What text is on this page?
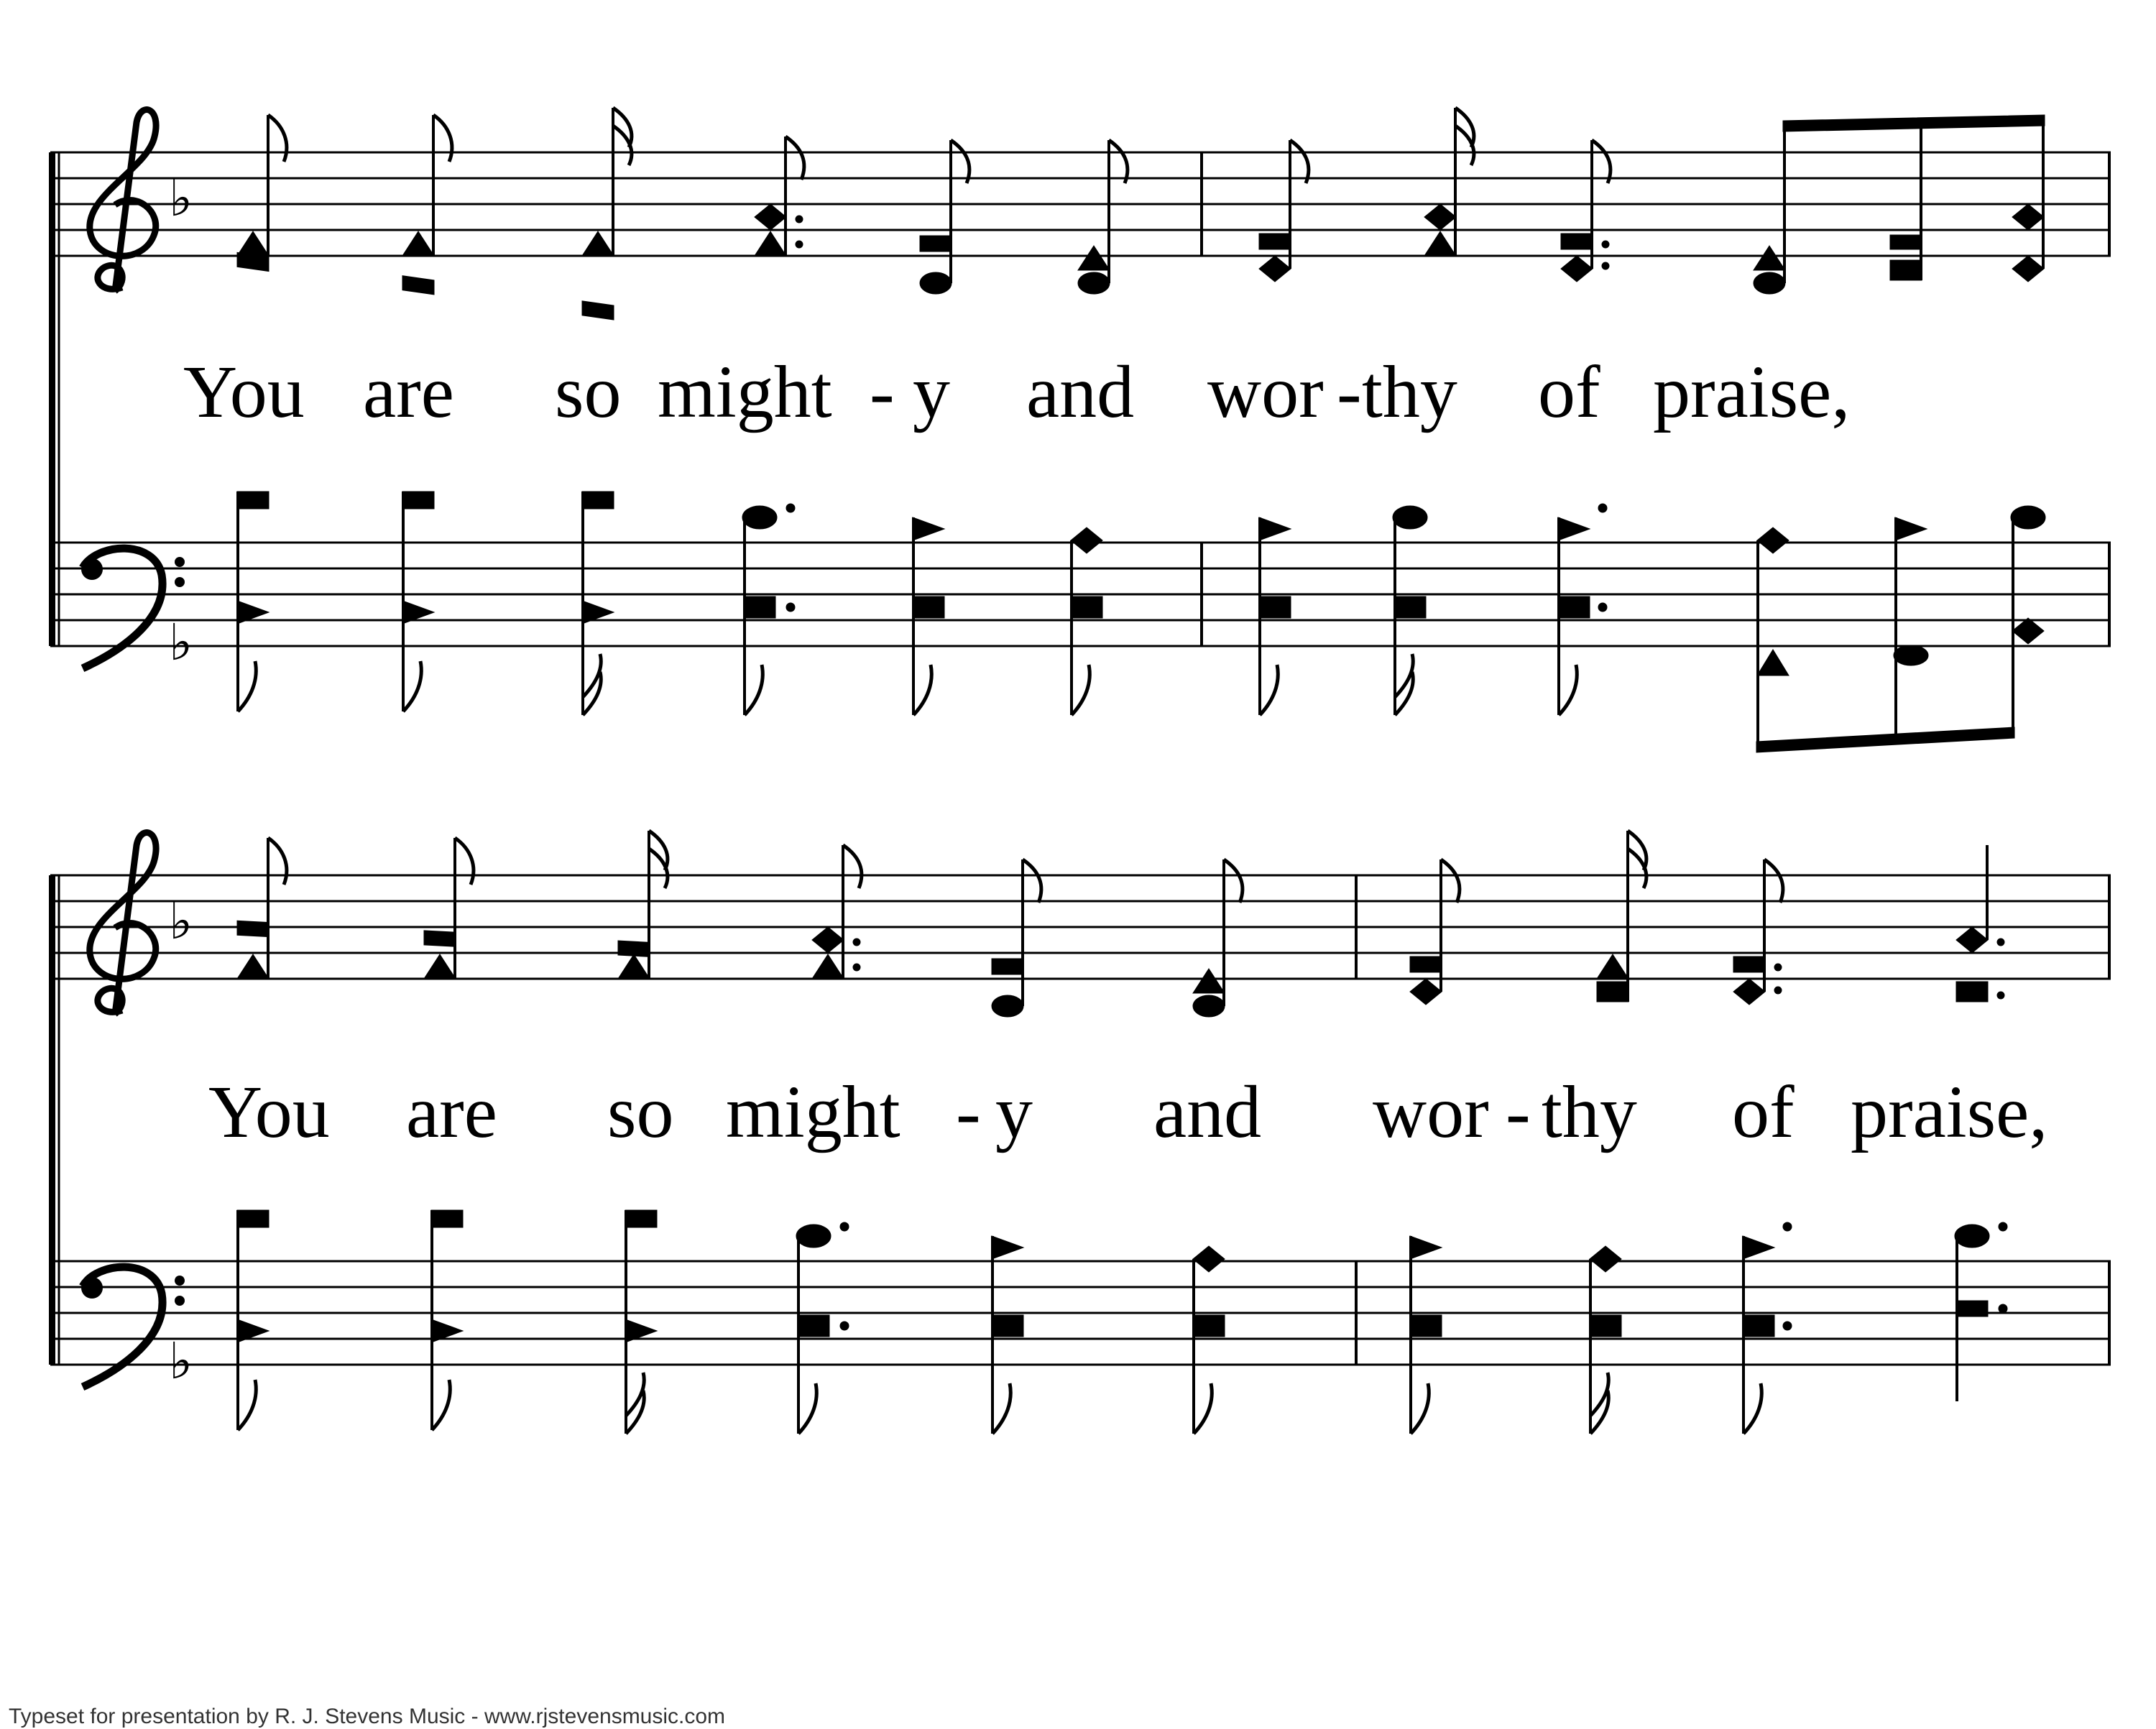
♭
♭
You are so might - y and wor - thy of praise,
♭
♭
You are so might - y and wor - thy of praise,
Typeset for presentation by R. J. Stevens Music - www.rjstevensmusic.com
